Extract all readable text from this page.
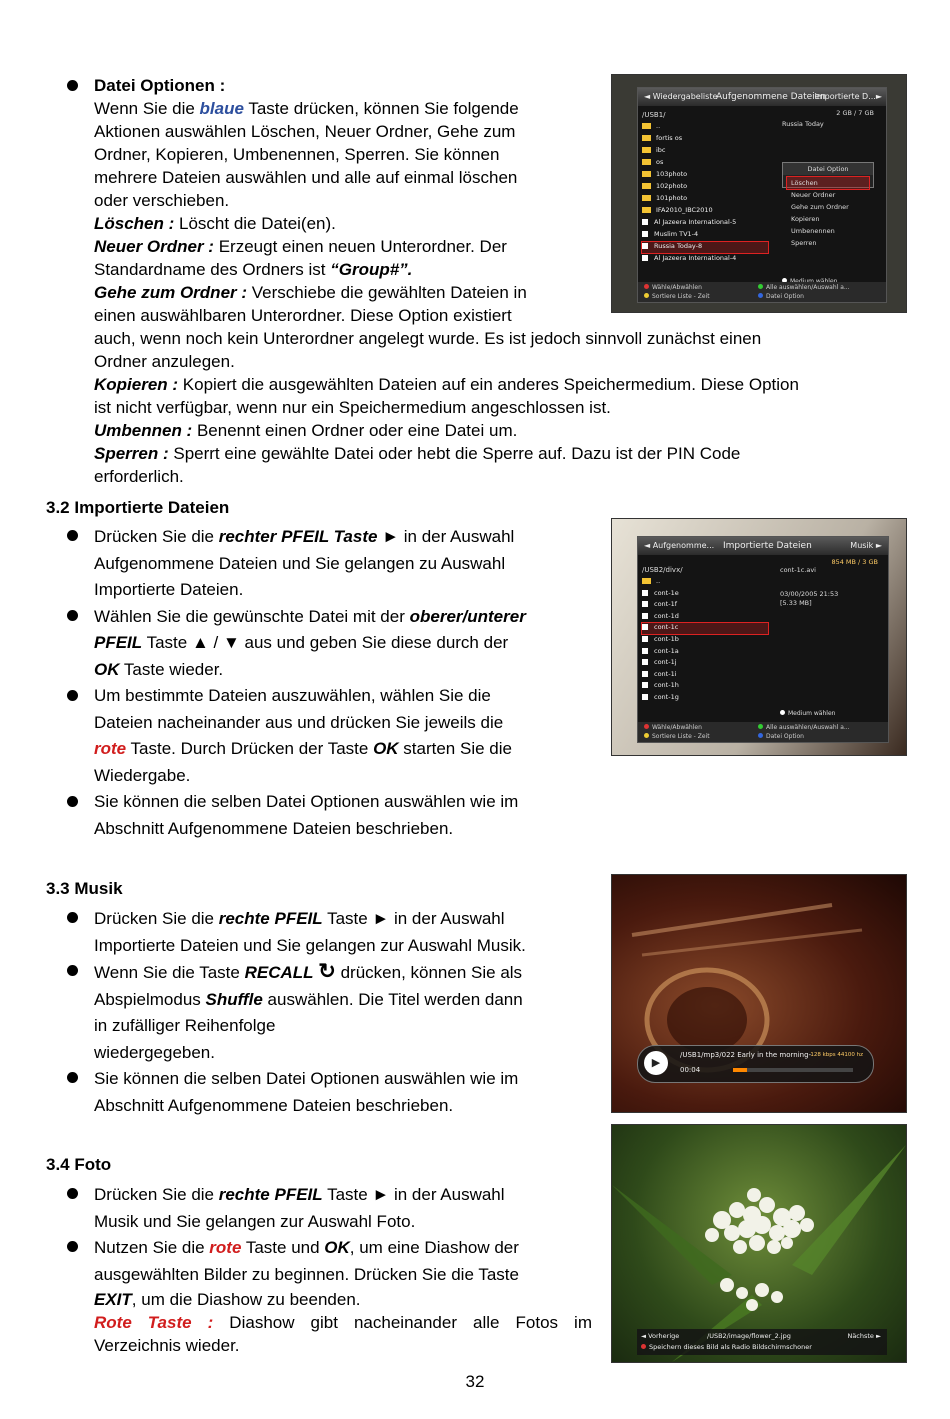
Datei Optionen :
Wenn Sie die blaue Taste drücken, können Sie folgende
Aktionen auswählen Löschen, Neuer Ordner, Gehe zum
Ordner, Kopieren, Umbenennen, Sperren. Sie können
mehrere Dateien auswählen und alle auf einmal löschen
oder verschieben.
Löschen : Löscht die Datei(en).
Neuer Ordner : Erzeugt einen neuen Unterordner. Der
Standardname des Ordners ist “Group#”.
Gehe zum Ordner : Verschiebe die gewählten Dateien in
einen auswählbaren Unterordner. Diese Option existiert
auch, wenn noch kein Unterordner angelegt wurde. Es ist jedoch sinnvoll zunächst einen
Ordner anzulegen.
Kopieren : Kopiert die ausgewählten Dateien auf ein anderes Speichermedium. Diese Option
ist nicht verfügbar, wenn nur ein Speichermedium angeschlossen ist.
Umbennen : Benennt einen Ordner oder eine Datei um.
Sperren : Sperrt eine gewählte Datei oder hebt die Sperre auf. Dazu ist der PIN Code
erforderlich.
◄ Wiedergabeliste
Aufgenommene Dateien
Importierte D...►
/USB1/	2 GB / 7 GB
Russia Today
..
fortis os
ibc
os
103photo
102photo
101photo
IFA2010_IBC2010
Al Jazeera International-5
Muslim TV1-4
Russia Today-8
Al Jazeera International-4
Datei Option
Löschen
Neuer Ordner
Gehe zum Ordner
Kopieren
Umbenennen
Sperren
Wähle/Abwählen	Alle auswählen/Auswahl a...
Sortiere Liste - Zeit	Datei Option
3.2 Importierte Dateien
Drücken Sie die rechter PFEIL Taste ► in der Auswahl
Aufgenommene Dateien und Sie gelangen zu Auswahl
Importierte Dateien.
Wählen Sie die gewünschte Datei mit der oberer/unterer
PFEIL Taste ▲ / ▼ aus und geben Sie diese durch der
OK Taste wieder.
Um bestimmte Dateien auszuwählen, wählen Sie die
Dateien nacheinander aus und drücken Sie jeweils die
rote Taste. Durch Drücken der Taste OK starten Sie die
Wiedergabe.
Sie können die selben Datei Optionen auswählen wie im
Abschnitt Aufgenommene Dateien beschrieben.
◄ Aufgenomme... Importierte Dateien	Musik ►
854 MB / 3 GB
/USB2/divx/	cont-1c.avi
03/00/2005 21:53
[5.33 MB]
..
cont-1e
cont-1f
cont-1d
cont-1c
cont-1b
cont-1a
cont-1j
cont-1i
cont-1h
cont-1g
Medium wählen
Wähle/Abwählen	Alle auswählen/Auswahl a...
Sortiere Liste - Zeit	Datei Option
3.3 Musik
Drücken Sie die rechte PFEIL Taste ► in der Auswahl
Importierte Dateien und Sie gelangen zur Auswahl Musik.
Wenn Sie die Taste RECALL ↻ drücken, können Sie als
Abspielmodus Shuffle auswählen. Die Titel werden dann
in zufälliger Reihenfolge
wiedergegeben.
Sie können die selben Datei Optionen auswählen wie im
Abschnitt Aufgenommene Dateien beschrieben.
▶
/USB1/mp3/022 Early in the morning- 128 kbps 44100 hz
00:04
3.4 Foto
Drücken Sie die rechte PFEIL Taste ► in der Auswahl
Musik und Sie gelangen zur Auswahl Foto.
Nutzen Sie die rote Taste und OK, um eine Diashow der
ausgewählten Bilder zu beginnen. Drücken Sie die Taste
EXIT, um die Diashow zu beenden.
Rote Taste : Diashow gibt nacheinander alle Fotos im
Verzeichnis wieder.	◄ Vorherige	/USB2/image/flower_2.jpg	Nächste ►
Speichern dieses Bild als Radio Bildschirmschoner
32
